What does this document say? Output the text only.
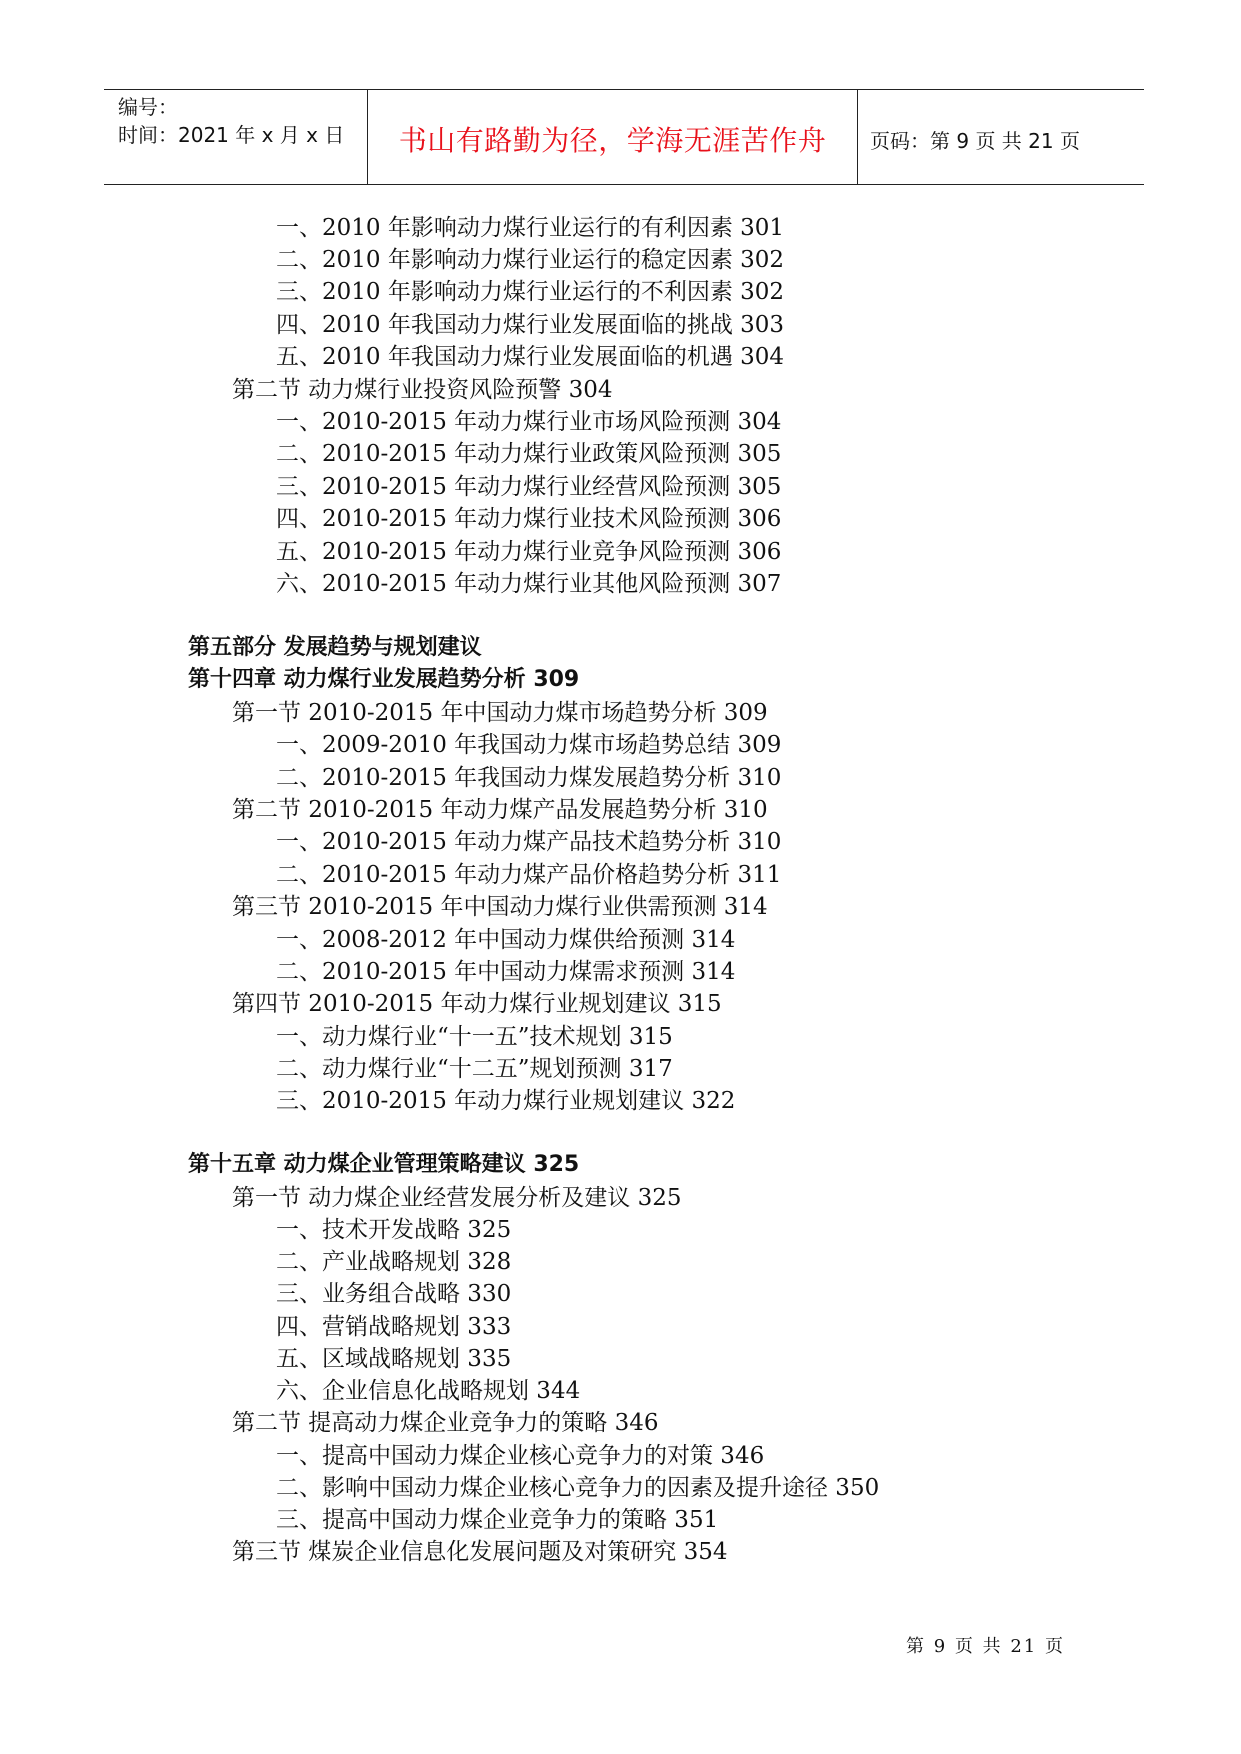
编号：
时间：2021 年 x 月 x 日	书山有路勤为径，学海无涯苦作舟	页码：第 9 页 共 21 页
一、2010 年影响动力煤行业运行的有利因素 301
二、2010 年影响动力煤行业运行的稳定因素 302
三、2010 年影响动力煤行业运行的不利因素 302
四、2010 年我国动力煤行业发展面临的挑战 303
五、2010 年我国动力煤行业发展面临的机遇 304
第二节 动力煤行业投资风险预警 304
一、2010-2015 年动力煤行业市场风险预测 304
二、2010-2015 年动力煤行业政策风险预测 305
三、2010-2015 年动力煤行业经营风险预测 305
四、2010-2015 年动力煤行业技术风险预测 306
五、2010-2015 年动力煤行业竞争风险预测 306
六、2010-2015 年动力煤行业其他风险预测 307
第五部分 发展趋势与规划建议
第十四章 动力煤行业发展趋势分析 309
第一节 2010-2015 年中国动力煤市场趋势分析 309
一、2009-2010 年我国动力煤市场趋势总结 309
二、2010-2015 年我国动力煤发展趋势分析 310
第二节 2010-2015 年动力煤产品发展趋势分析 310
一、2010-2015 年动力煤产品技术趋势分析 310
二、2010-2015 年动力煤产品价格趋势分析 311
第三节 2010-2015 年中国动力煤行业供需预测 314
一、2008-2012 年中国动力煤供给预测 314
二、2010-2015 年中国动力煤需求预测 314
第四节 2010-2015 年动力煤行业规划建议 315
一、动力煤行业“十一五”技术规划 315
二、动力煤行业“十二五”规划预测 317
三、2010-2015 年动力煤行业规划建议 322
第十五章 动力煤企业管理策略建议 325
第一节 动力煤企业经营发展分析及建议 325
一、技术开发战略 325
二、产业战略规划 328
三、业务组合战略 330
四、营销战略规划 333
五、区域战略规划 335
六、企业信息化战略规划 344
第二节 提高动力煤企业竞争力的策略 346
一、提高中国动力煤企业核心竞争力的对策 346
二、影响中国动力煤企业核心竞争力的因素及提升途径 350
三、提高中国动力煤企业竞争力的策略 351
第三节 煤炭企业信息化发展问题及对策研究 354
第 9 页 共 21 页
